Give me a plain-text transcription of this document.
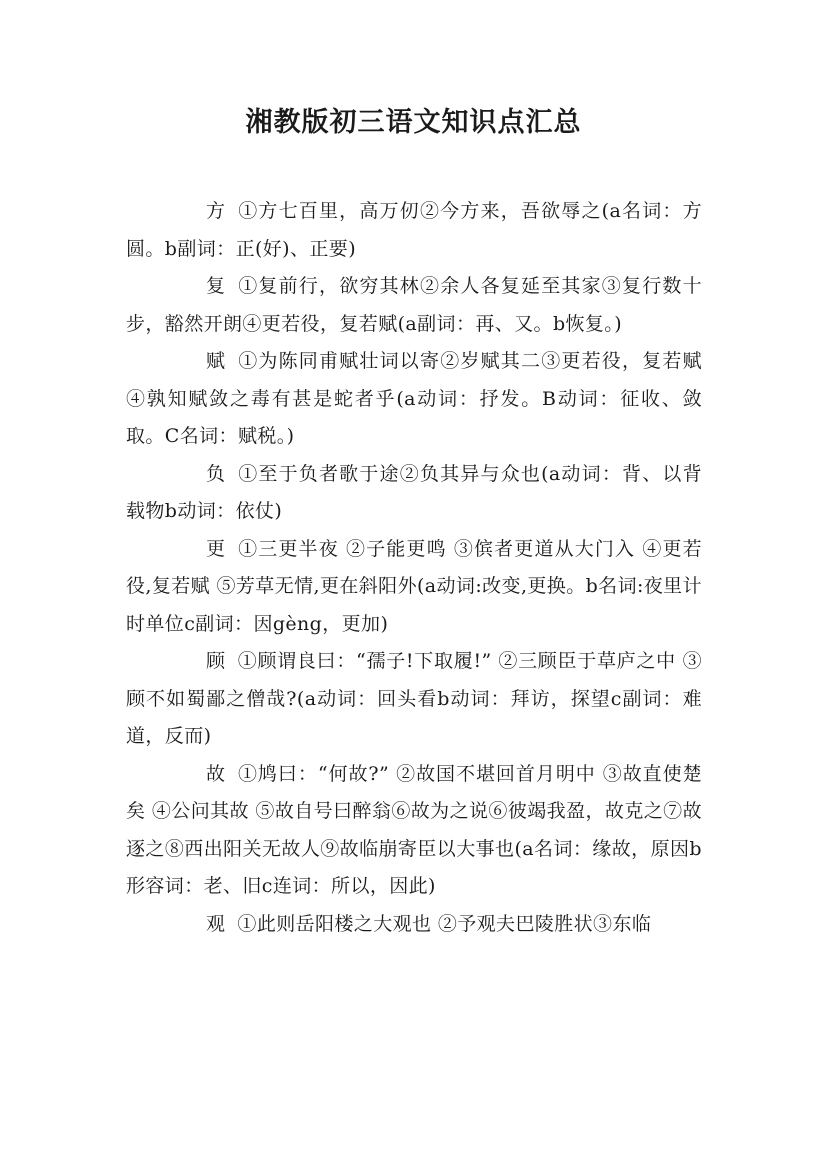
湘教版初三语文知识点汇总

方 ①方七百里，高万仞②今方来，吾欲辱之(a名词：方圆。b副词：正(好)、正要)

复 ①复前行，欲穷其林②余人各复延至其家③复行数十步，豁然开朗④更若役，复若赋(a副词：再、又。b恢复。)

赋 ①为陈同甫赋壮词以寄②岁赋其二③更若役，复若赋④孰知赋敛之毒有甚是蛇者乎(a动词：抒发。B动词：征收、敛取。C名词：赋税。)

负 ①至于负者歌于途②负其异与众也(a动词：背、以背载物b动词：依仗)

更 ①三更半夜 ②子能更鸣 ③傧者更道从大门入 ④更若役,复若赋 ⑤芳草无情,更在斜阳外(a动词:改变,更换。b名词:夜里计时单位c副词：因gèng，更加)

顾 ①顾谓良曰：“孺子!下取履!” ②三顾臣于草庐之中 ③顾不如蜀鄙之僧哉?(a动词：回头看b动词：拜访，探望c副词：难道，反而)

故 ①鸠曰：“何故?” ②故国不堪回首月明中 ③故直使楚矣 ④公问其故 ⑤故自号曰醉翁⑥故为之说⑥彼竭我盈，故克之⑦故逐之⑧西出阳关无故人⑨故临崩寄臣以大事也(a名词：缘故，原因b形容词：老、旧c连词：所以，因此)

观 ①此则岳阳楼之大观也 ②予观夫巴陵胜状③东临
